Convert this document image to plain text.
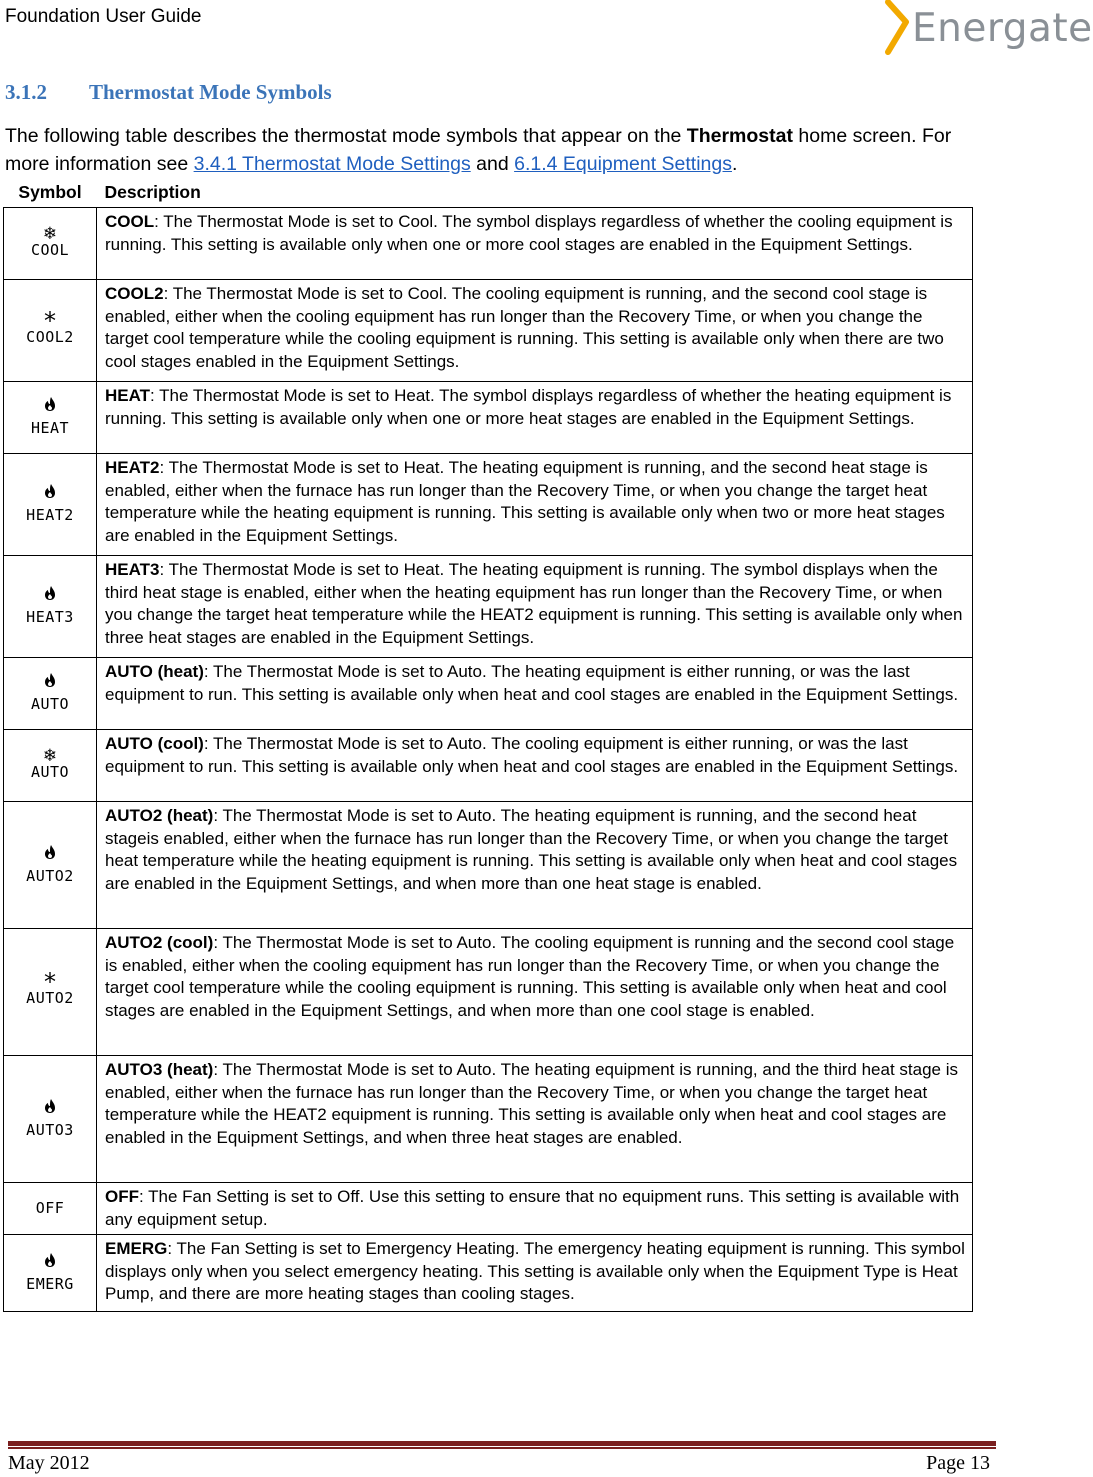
Foundation User Guide	Energate
3.1.2 Thermostat Mode Symbols
The following table describes the thermostat mode symbols that appear on the Thermostat home screen. For more information see 3.4.1 Thermostat Mode Settings and 6.1.4 Equipment Settings.
Symbol	Description

❄
COOL	COOL: The Thermostat Mode is set to Cool. The symbol displays regardless of whether the cooling equipment is running. This setting is available only when one or more cool stages are enabled in the Equipment Settings.

*
COOL2	COOL2: The Thermostat Mode is set to Cool. The cooling equipment is running, and the second cool stage is enabled, either when the cooling equipment has run longer than the Recovery Time, or when you change the target cool temperature while the cooling equipment is running. This setting is available only when there are two cool stages enabled in the Equipment Settings.

HEAT	HEAT: The Thermostat Mode is set to Heat. The symbol displays regardless of whether the heating equipment is running. This setting is available only when one or more heat stages are enabled in the Equipment Settings.

HEAT2	HEAT2: The Thermostat Mode is set to Heat. The heating equipment is running, and the second heat stage is enabled, either when the furnace has run longer than the Recovery Time, or when you change the target heat temperature while the heating equipment is running. This setting is available only when two or more heat stages are enabled in the Equipment Settings.

HEAT3	HEAT3: The Thermostat Mode is set to Heat. The heating equipment is running. The symbol displays when the third heat stage is enabled, either when the heating equipment has run longer than the Recovery Time, or when you change the target heat temperature while the HEAT2 equipment is running. This setting is available only when three heat stages are enabled in the Equipment Settings.

AUTO	AUTO (heat): The Thermostat Mode is set to Auto. The heating equipment is either running, or was the last equipment to run. This setting is available only when heat and cool stages are enabled in the Equipment Settings.

❄
AUTO	AUTO (cool): The Thermostat Mode is set to Auto. The cooling equipment is either running, or was the last equipment to run. This setting is available only when heat and cool stages are enabled in the Equipment Settings.

AUTO2	AUTO2 (heat): The Thermostat Mode is set to Auto. The heating equipment is running, and the second heat stageis enabled, either when the furnace has run longer than the Recovery Time, or when you change the target heat temperature while the heating equipment is running. This setting is available only when heat and cool stages are enabled in the Equipment Settings, and when more than one heat stage is enabled.

*
AUTO2	AUTO2 (cool): The Thermostat Mode is set to Auto. The cooling equipment is running and the second cool stage is enabled, either when the cooling equipment has run longer than the Recovery Time, or when you change the target cool temperature while the cooling equipment is running. This setting is available only when heat and cool stages are enabled in the Equipment Settings, and when more than one cool stage is enabled.

AUTO3	AUTO3 (heat): The Thermostat Mode is set to Auto. The heating equipment is running, and the third heat stage is enabled, either when the furnace has run longer than the Recovery Time, or when you change the target heat temperature while the HEAT2 equipment is running. This setting is available only when heat and cool stages are enabled in the Equipment Settings, and when three heat stages are enabled.

OFF	OFF: The Fan Setting is set to Off. Use this setting to ensure that no equipment runs. This setting is available with any equipment setup.

EMERG	EMERG: The Fan Setting is set to Emergency Heating. The emergency heating equipment is running. This symbol displays only when you select emergency heating. This setting is available only when the Equipment Type is Heat Pump, and there are more heating stages than cooling stages.
May 2012	Page 13
